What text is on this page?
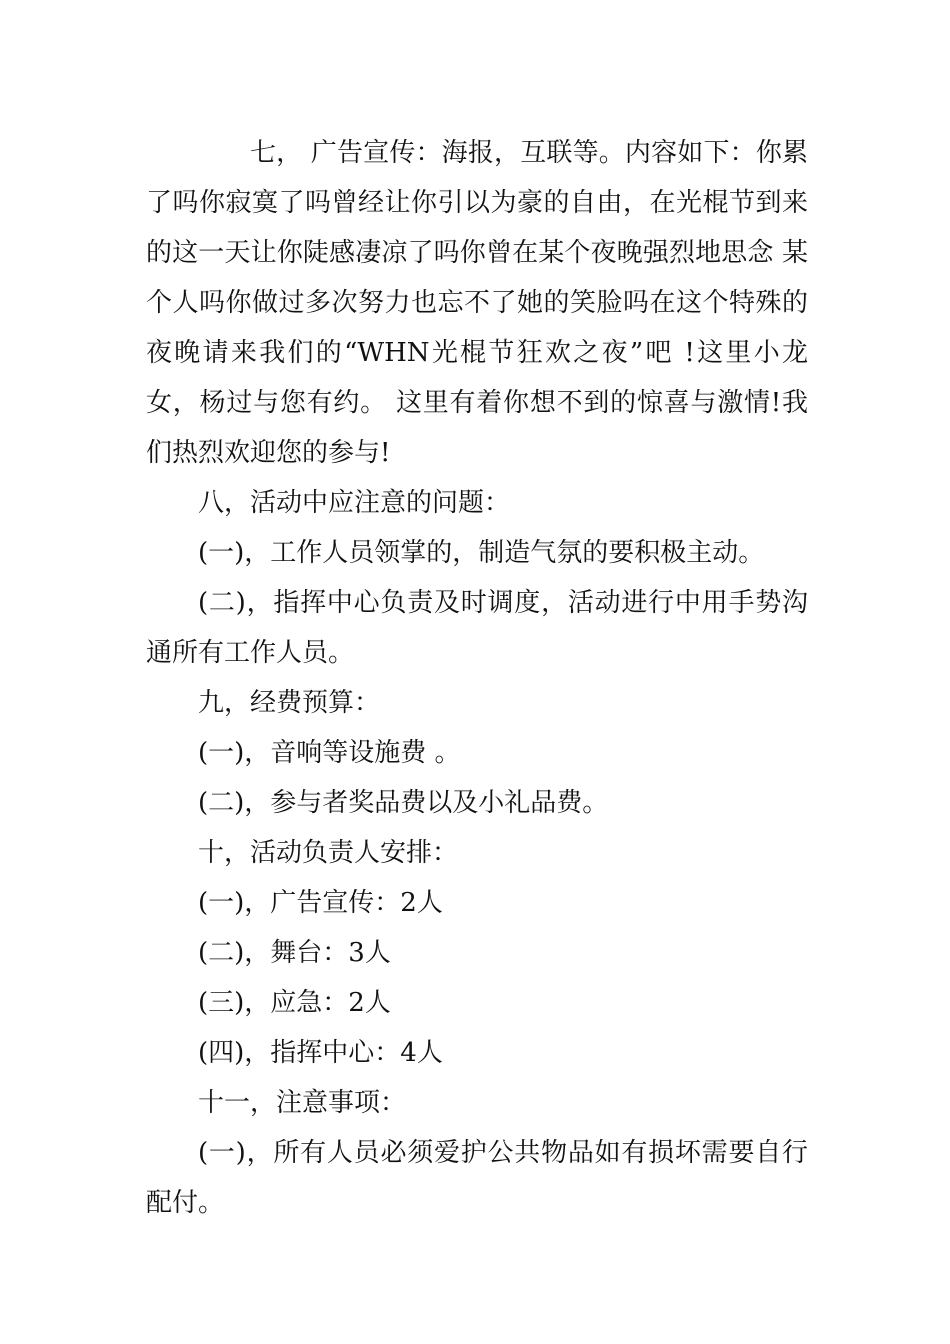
七， 广告宣传：海报，互联等。内容如下：你累了吗你寂寞了吗曾经让你引以为豪的自由，在光棍节到来的这一天让你陡感凄凉了吗你曾在某个夜晚强烈地思念 某个人吗你做过多次努力也忘不了她的笑脸吗在这个特殊的夜晚请来我们的“WHN光棍节狂欢之夜”吧 !这里小龙女，杨过与您有约。 这里有着你想不到的惊喜与激情!我们热烈欢迎您的参与!

八，活动中应注意的问题：

(一)，工作人员领掌的，制造气氛的要积极主动。

(二)，指挥中心负责及时调度，活动进行中用手势沟通所有工作人员。

九，经费预算：

(一)，音响等设施费 。

(二)，参与者奖品费以及小礼品费。

十，活动负责人安排：

(一)，广告宣传：2人

(二)，舞台：3人

(三)，应急：2人

(四)，指挥中心：4人

十一，注意事项：

(一)，所有人员必须爱护公共物品如有损坏需要自行配付。
